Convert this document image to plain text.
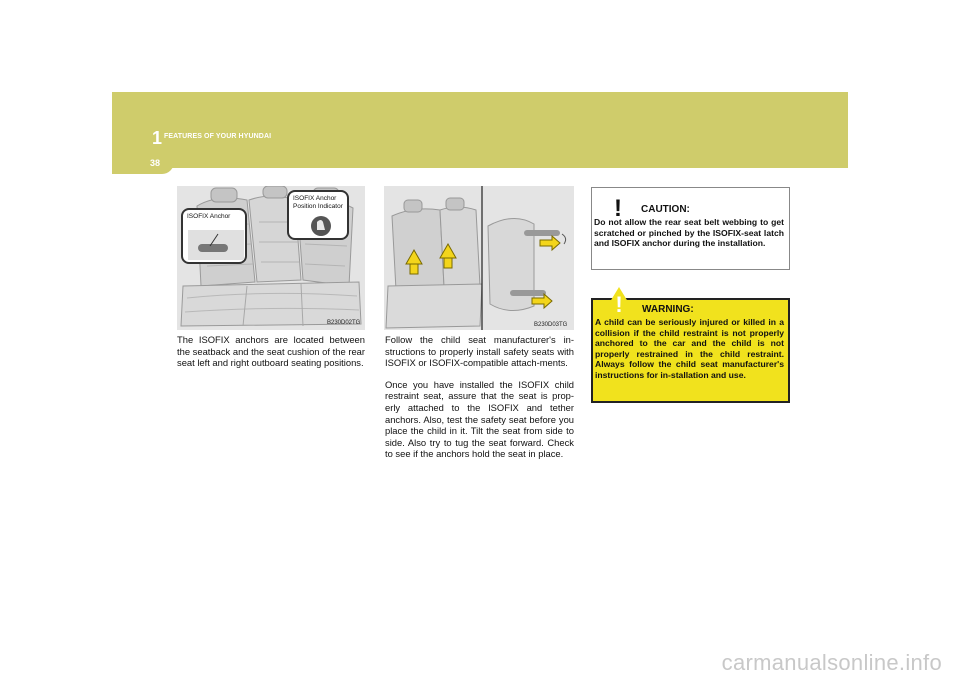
1 FEATURES OF YOUR HYUNDAI
38
ISOFIX Anchor
ISOFIX Anchor
Position Indicator
B230D02TG

The ISOFIX anchors are located between the seatback and the seat cushion of the rear seat left and right outboard seating positions.

B230D03TG

Follow the child seat manufacturer's in-structions to properly install safety seats with ISOFIX or ISOFIX-compatible attach-ments.

Once you have installed the ISOFIX child restraint seat, assure that the seat is prop-erly attached to the ISOFIX and tether anchors. Also, test the safety seat before you place the child in it. Tilt the seat from side to side. Also try to tug the seat forward. Check to see if the anchors hold the seat in place.

! CAUTION:
Do not allow the rear seat belt webbing to get scratched or pinched by the ISOFIX-seat latch and ISOFIX anchor during the installation.
! WARNING:
A child can be seriously injured or killed in a collision if the child restraint is not properly anchored to the car and the child is not properly restrained in the child restraint. Always follow the child seat manufacturer's instructions for in-stallation and use.
carmanualsonline.info
